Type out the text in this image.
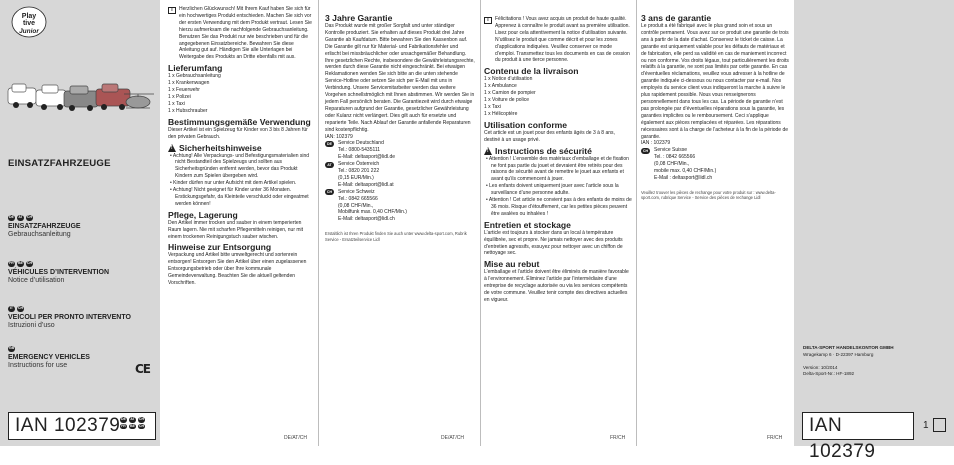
Play
tive
Junior
EINSATZFAHRZEUGE
DE	AT	CH
EINSATZFAHRZEUGE
Gebrauchsanleitung
FR	BE	CH
VÉHICULES D’INTERVENTION
Notice d’utilisation
IT	CH
VEICOLI PER PRONTO INTERVENTO
Istruzioni d’uso
GB
EMERGENCY VEHICLES
Instructions for use	CE
IAN 102379 DE	AT	CH
FR	BE	CH
i	Herzlichen Glückwunsch! Mit Ihrem Kauf haben Sie sich für ein hochwertiges Produkt entschieden. Machen Sie sich vor der ersten Verwendung mit dem Produkt vertraut. Lesen Sie hierzu aufmerksam die nachfolgende Gebrauchsanleitung. Benutzen Sie das Produkt nur wie beschrieben und für die angegebenen Einsatzbereiche. Bewahren Sie diese Anleitung gut auf. Händigen Sie alle Unterlagen bei Weitergabe des Produkts an Dritte ebenfalls mit aus.
Lieferumfang
1 x Gebrauchsanleitung
1 x Krankenwagen
1 x Feuerwehr
1 x Polizei
1 x Taxi
1 x Hubschrauber
Bestimmungsgemäße Verwendung
Dieser Artikel ist ein Spielzeug für Kinder von 3 bis 8 Jahren für den privaten Gebrauch.
!
Sicherheitshinweise
• Achtung! Alle Verpackungs- und Befestigungsmaterialien sind nicht Bestandteil des Spielzeugs und sollten aus Sicherheitsgründen entfernt werden, bevor das Produkt Kindern zum Spielen übergeben wird.
• Kinder dürfen nur unter Aufsicht mit dem Artikel spielen.
• Achtung! Nicht geeignet für Kinder unter 36 Monaten. Erstickungsgefahr, da Kleinteile verschluckt oder eingeatmet werden können!
Pflege, Lagerung
Den Artikel immer trocken und sauber in einem temperierten Raum lagern. Nie mit scharfen Pflegemitteln reinigen, nur mit einem trockenen Reinigungstuch sauber wischen.
Hinweise zur Entsorgung
Verpackung und Artikel bitte umweltgerecht und sortenrein entsorgen! Entsorgen Sie den Artikel über einen zugelassenen Entsorgungsbetrieb oder über Ihre kommunale Gemeindeverwaltung. Beachten Sie die aktuell geltenden Vorschriften.
3 Jahre Garantie
Das Produkt wurde mit großer Sorgfalt und unter ständiger Kontrolle produziert. Sie erhalten auf dieses Produkt drei Jahre Garantie ab Kaufdatum. Bitte bewahren Sie den Kassenbon auf. Die Garantie gilt nur für Material- und Fabrikationsfehler und erlischt bei missbräuchlicher oder unsachgemäßer Behandlung. Ihre gesetzlichen Rechte, insbesondere die Gewährleistungsrechte, werden durch diese Garantie nicht eingeschränkt. Bei etwaigen Reklamationen wenden Sie sich bitte an die unten stehende Service-Hotline oder setzen Sie sich per E-Mail mit uns in Verbindung. Unsere Servicemitarbeiter werden das weitere Vorgehen schnellstmöglich mit Ihnen abstimmen. Wir werden Sie in jedem Fall persönlich beraten. Die Garantiezeit wird durch etwaige Reparaturen aufgrund der Garantie, gesetzlicher Gewährleistung oder Kulanz nicht verlängert. Dies gilt auch für ersetzte und reparierte Teile. Nach Ablauf der Garantie anfallende Reparaturen sind kostenpflichtig.
IAN: 102379
DE	Service Deutschland
Tel.: 0800-5435111
E-Mail: deltasport@lidl.de
AT	Service Österreich
Tel.: 0820 201 222
(0,15 EUR/Min.)
E-Mail: deltasport@lidl.at
CH	Service Schweiz
Tel.: 0842 665566
(0,08 CHF/Min.,
Mobilfunk max. 0,40 CHF/Min.)
E-Mail: deltasport@lidl.ch
Erstaltlich ist Ihren Produkt finden Sie auch unter www.delta-sport.com, Rubrik Service - Ersatzteilservice Lidl
i	Félicitations ! Vous avez acquis un produit de haute qualité. Apprenez à connaître le produit avant sa première utilisation. Lisez pour cela attentivement la notice d’utilisation suivante. N’utilisez le produit que comme décrit et pour les zones d’applications indiquées. Veuillez conserver ce mode d’emploi. Transmettez tous les documents en cas de cession du produit à une tierce personne.
Contenu de la livraison
1 x Notice d’utilisation
1 x Ambulance
1 x Camion de pompier
1 x Voiture de police
1 x Taxi
1 x Hélicoptère
Utilisation conforme
Cet article est un jouet pour des enfants âgés de 3 à 8 ans, destiné à un usage privé.
!
Instructions de sécurité
• Attention ! L’ensemble des matériaux d’emballage et de fixation ne font pas partie du jouet et devraient être retirés pour des raisons de sécurité avant de remettre le jouet aux enfants et avant qu’ils commencent à jouer.
• Les enfants doivent uniquement jouer avec l’article sous la surveillance d’une personne adulte.
• Attention ! Cet article ne convient pas à des enfants de moins de 36 mois. Risque d’étouffement, car les petites pièces peuvent être avalées ou inhalées !
Entretien et stockage
L’article est toujours à stocker dans un local à température équilibrée, sec et propre. Ne jamais nettoyer avec des produits d’entretien agressifs, essuyez pour nettoyer avec un chiffon de nettoyage sec.
Mise au rebut
L’emballage et l’article doivent être éliminés de manière favorable à l’environnement. Éliminez l’article par l’intermédiaire d’une entreprise de recyclage autorisée ou via les services compétents de votre commune. Veuillez tenir compte des directives actuelles en vigueur.
3 ans de garantie
Le produit a été fabriqué avec le plus grand soin et sous un contrôle permanent. Vous avez sur ce produit une garantie de trois ans à partir de la date d’achat. Conservez le ticket de caisse. La garantie est uniquement valable pour les défauts de matériaux et de fabrication, elle perd sa validité en cas de maniement incorrect ou non conforme. Vos droits légaux, tout particulièrement les droits relatifs à la garantie, ne sont pas limités par cette garantie. En cas d’éventuelles réclamations, veuillez vous adresser à la hotline de garantie indiquée ci-dessous ou nous contacter par e-mail. Nos employés du service client vous indiqueront la marche à suivre le plus rapidement possible. Nous vous renseignerons personnellement dans tous les cas. La période de garantie n’est pas prolongée par d’éventuelles réparations sous la garantie, les garanties implicites ou le remboursement. Ceci s’applique également aux pièces remplacées et réparées. Les réparations nécessaires sont à la charge de l’acheteur à la fin de la période de garantie.
IAN : 102379
CH	Service Suisse
Tel. : 0842 665566
(0,08 CHF/Min.,
mobile max. 0,40 CHF/Min.)
E-Mail : deltasport@lidl.ch
Veuillez trouver les pièces de rechange pour votre produit sur : www.delta-sport.com, rubrique Service - Service des pièces de rechange Lidl
DE/AT/CH	DE/AT/CH	FR/CH	FR/CH
DELTA-SPORT HANDELSKONTOR GMBH
Wragekamp 6 · D-22397 Hamburg
Version: 10/2014
Delta-Sport-Nr.: HF-1892
IAN 102379
1
